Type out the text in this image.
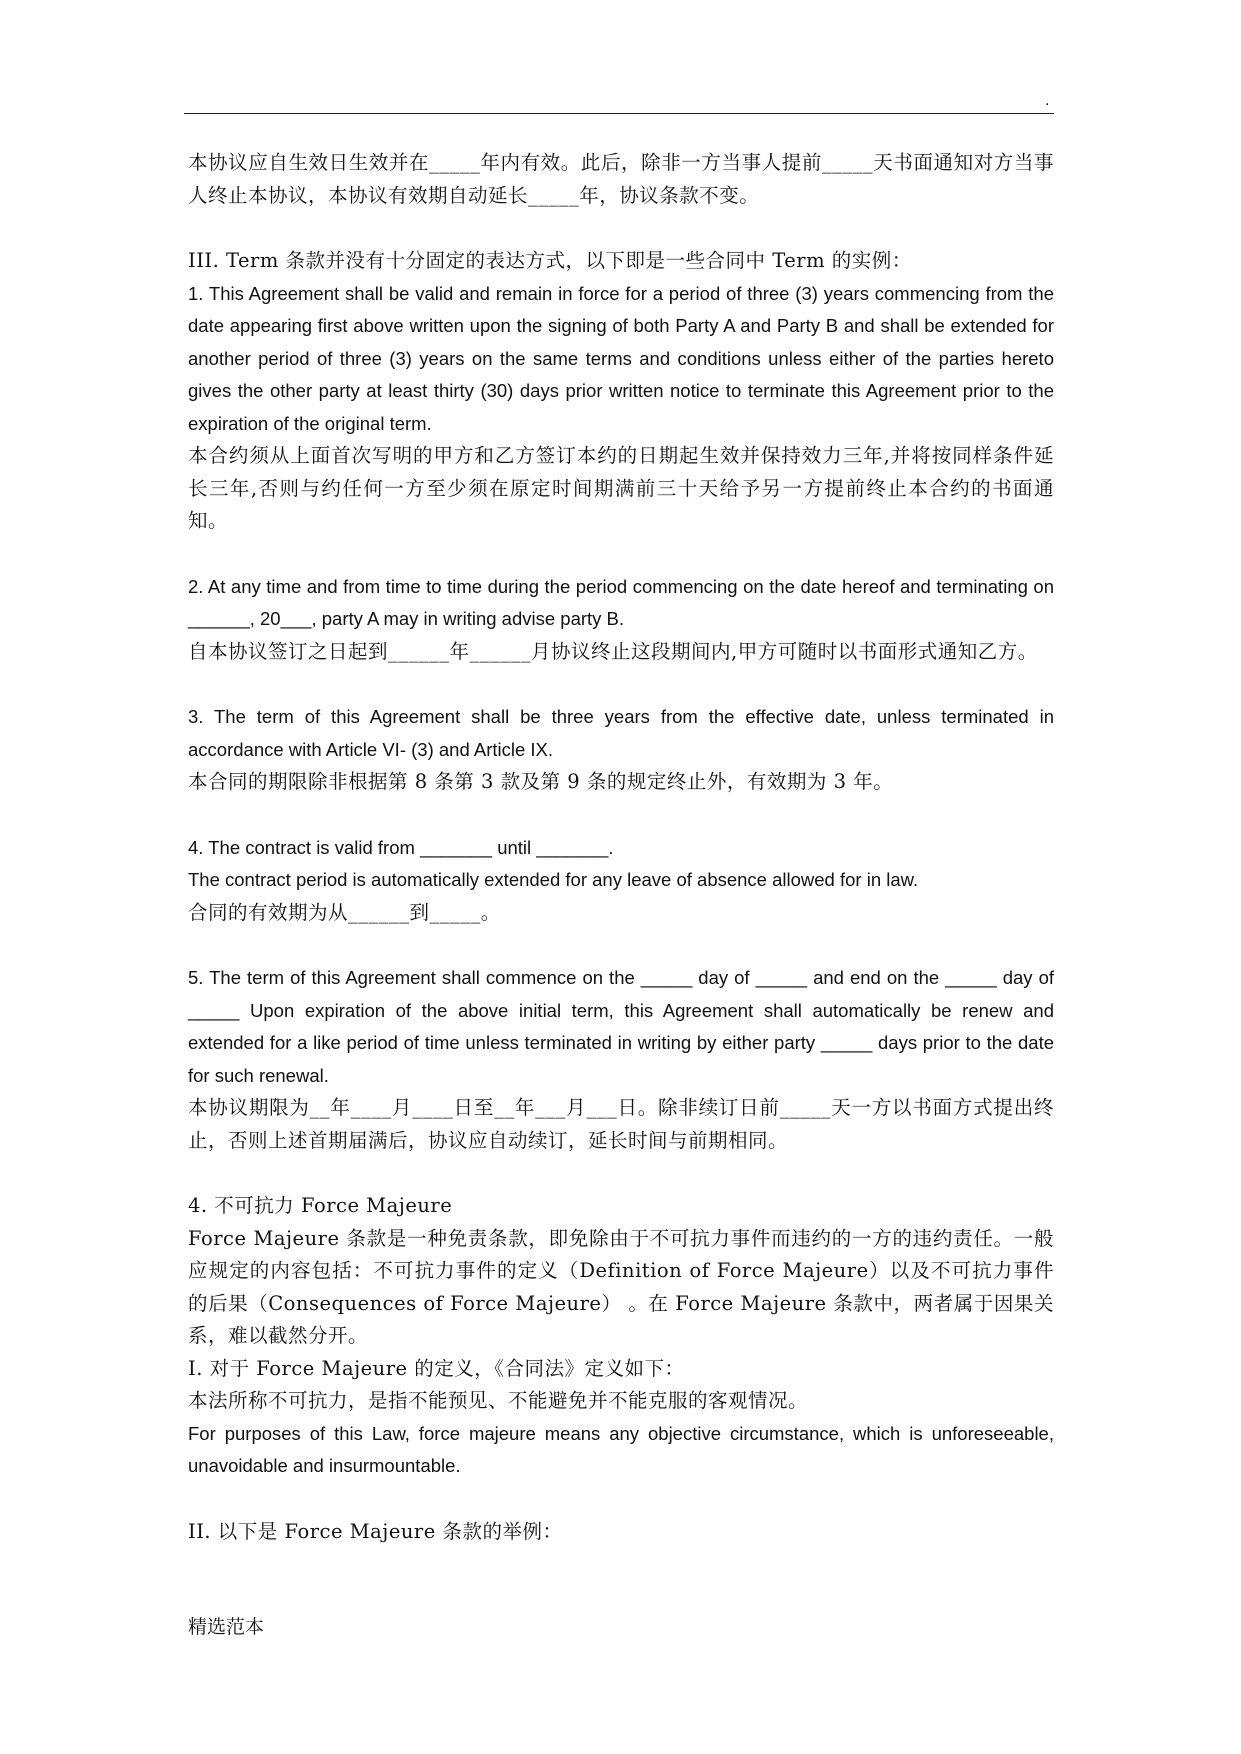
.

本协议应自生效日生效并在_____年内有效。此后，除非一方当事人提前_____天书面通知对方当事人终止本协议，本协议有效期自动延长_____年，协议条款不变。

III. Term 条款并没有十分固定的表达方式，以下即是一些合同中 Term 的实例：

1. This Agreement shall be valid and remain in force for a period of three (3) years commencing from the date appearing first above written upon the signing of both Party A and Party B and shall be extended for another period of three (3) years on the same terms and conditions unless either of the parties hereto gives the other party at least thirty (30) days prior written notice to terminate this Agreement prior to the expiration of the original term.

本合约须从上面首次写明的甲方和乙方签订本约的日期起生效并保持效力三年,并将按同样条件延长三年,否则与约任何一方至少须在原定时间期满前三十天给予另一方提前终止本合约的书面通知。

2. At any time and from time to time during the period commencing on the date hereof and terminating on ______, 20___, party A may in writing advise party B.

自本协议签订之日起到______年______月协议终止这段期间内,甲方可随时以书面形式通知乙方。

3. The term of this Agreement shall be three years from the effective date, unless terminated in accordance with Article VI- (3) and Article IX.

本合同的期限除非根据第 8 条第 3 款及第 9 条的规定终止外，有效期为 3 年。

4. The contract is valid from _______ until _______.

The contract period is automatically extended for any leave of absence allowed for in law.

合同的有效期为从______到_____。

5. The term of this Agreement shall commence on the _____ day of _____ and end on the _____ day of _____ Upon expiration of the above initial term, this Agreement shall automatically be renew and extended for a like period of time unless terminated in writing by either party _____ days prior to the date for such renewal.

本协议期限为__年____月____日至__年___月___日。除非续订日前_____天一方以书面方式提出终止，否则上述首期届满后，协议应自动续订，延长时间与前期相同。

4. 不可抗力 Force Majeure

Force Majeure 条款是一种免责条款，即免除由于不可抗力事件而违约的一方的违约责任。一般应规定的内容包括：不可抗力事件的定义（Definition of Force Majeure）以及不可抗力事件的后果（Consequences of Force Majeure） 。在 Force Majeure 条款中，两者属于因果关系，难以截然分开。

I. 对于 Force Majeure 的定义，《合同法》定义如下：

本法所称不可抗力，是指不能预见、不能避免并不能克服的客观情况。

For purposes of this Law, force majeure means any objective circumstance, which is unforeseeable, unavoidable and insurmountable.

II. 以下是 Force Majeure 条款的举例：

精选范本
